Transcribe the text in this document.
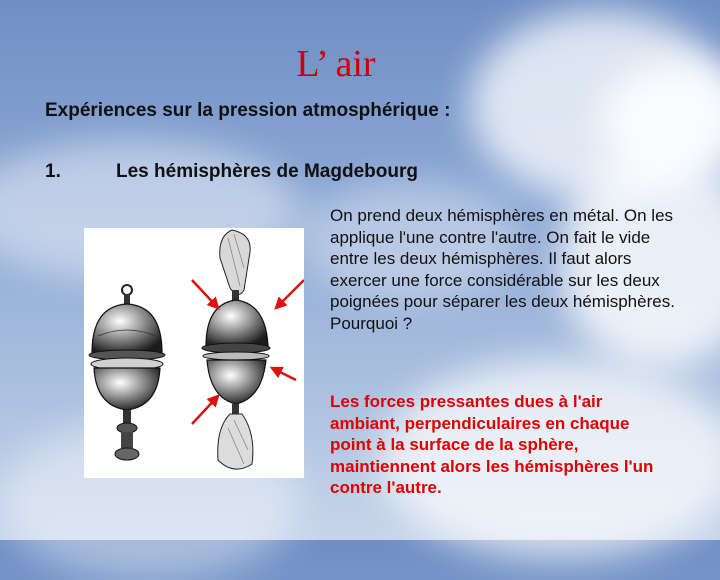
L’ air
Expériences sur la pression atmosphérique :
1.	Les hémisphères de Magdebourg
On prend deux hémisphères en métal. On les applique l'une contre l'autre. On fait le vide entre les deux hémisphères. Il faut alors exercer une force considérable sur les deux poignées pour séparer les deux hémisphères. Pourquoi ?
Les forces pressantes dues à l'air ambiant, perpendiculaires en chaque point à la surface de la sphère, maintiennent alors les hémisphères l'un contre l'autre.
